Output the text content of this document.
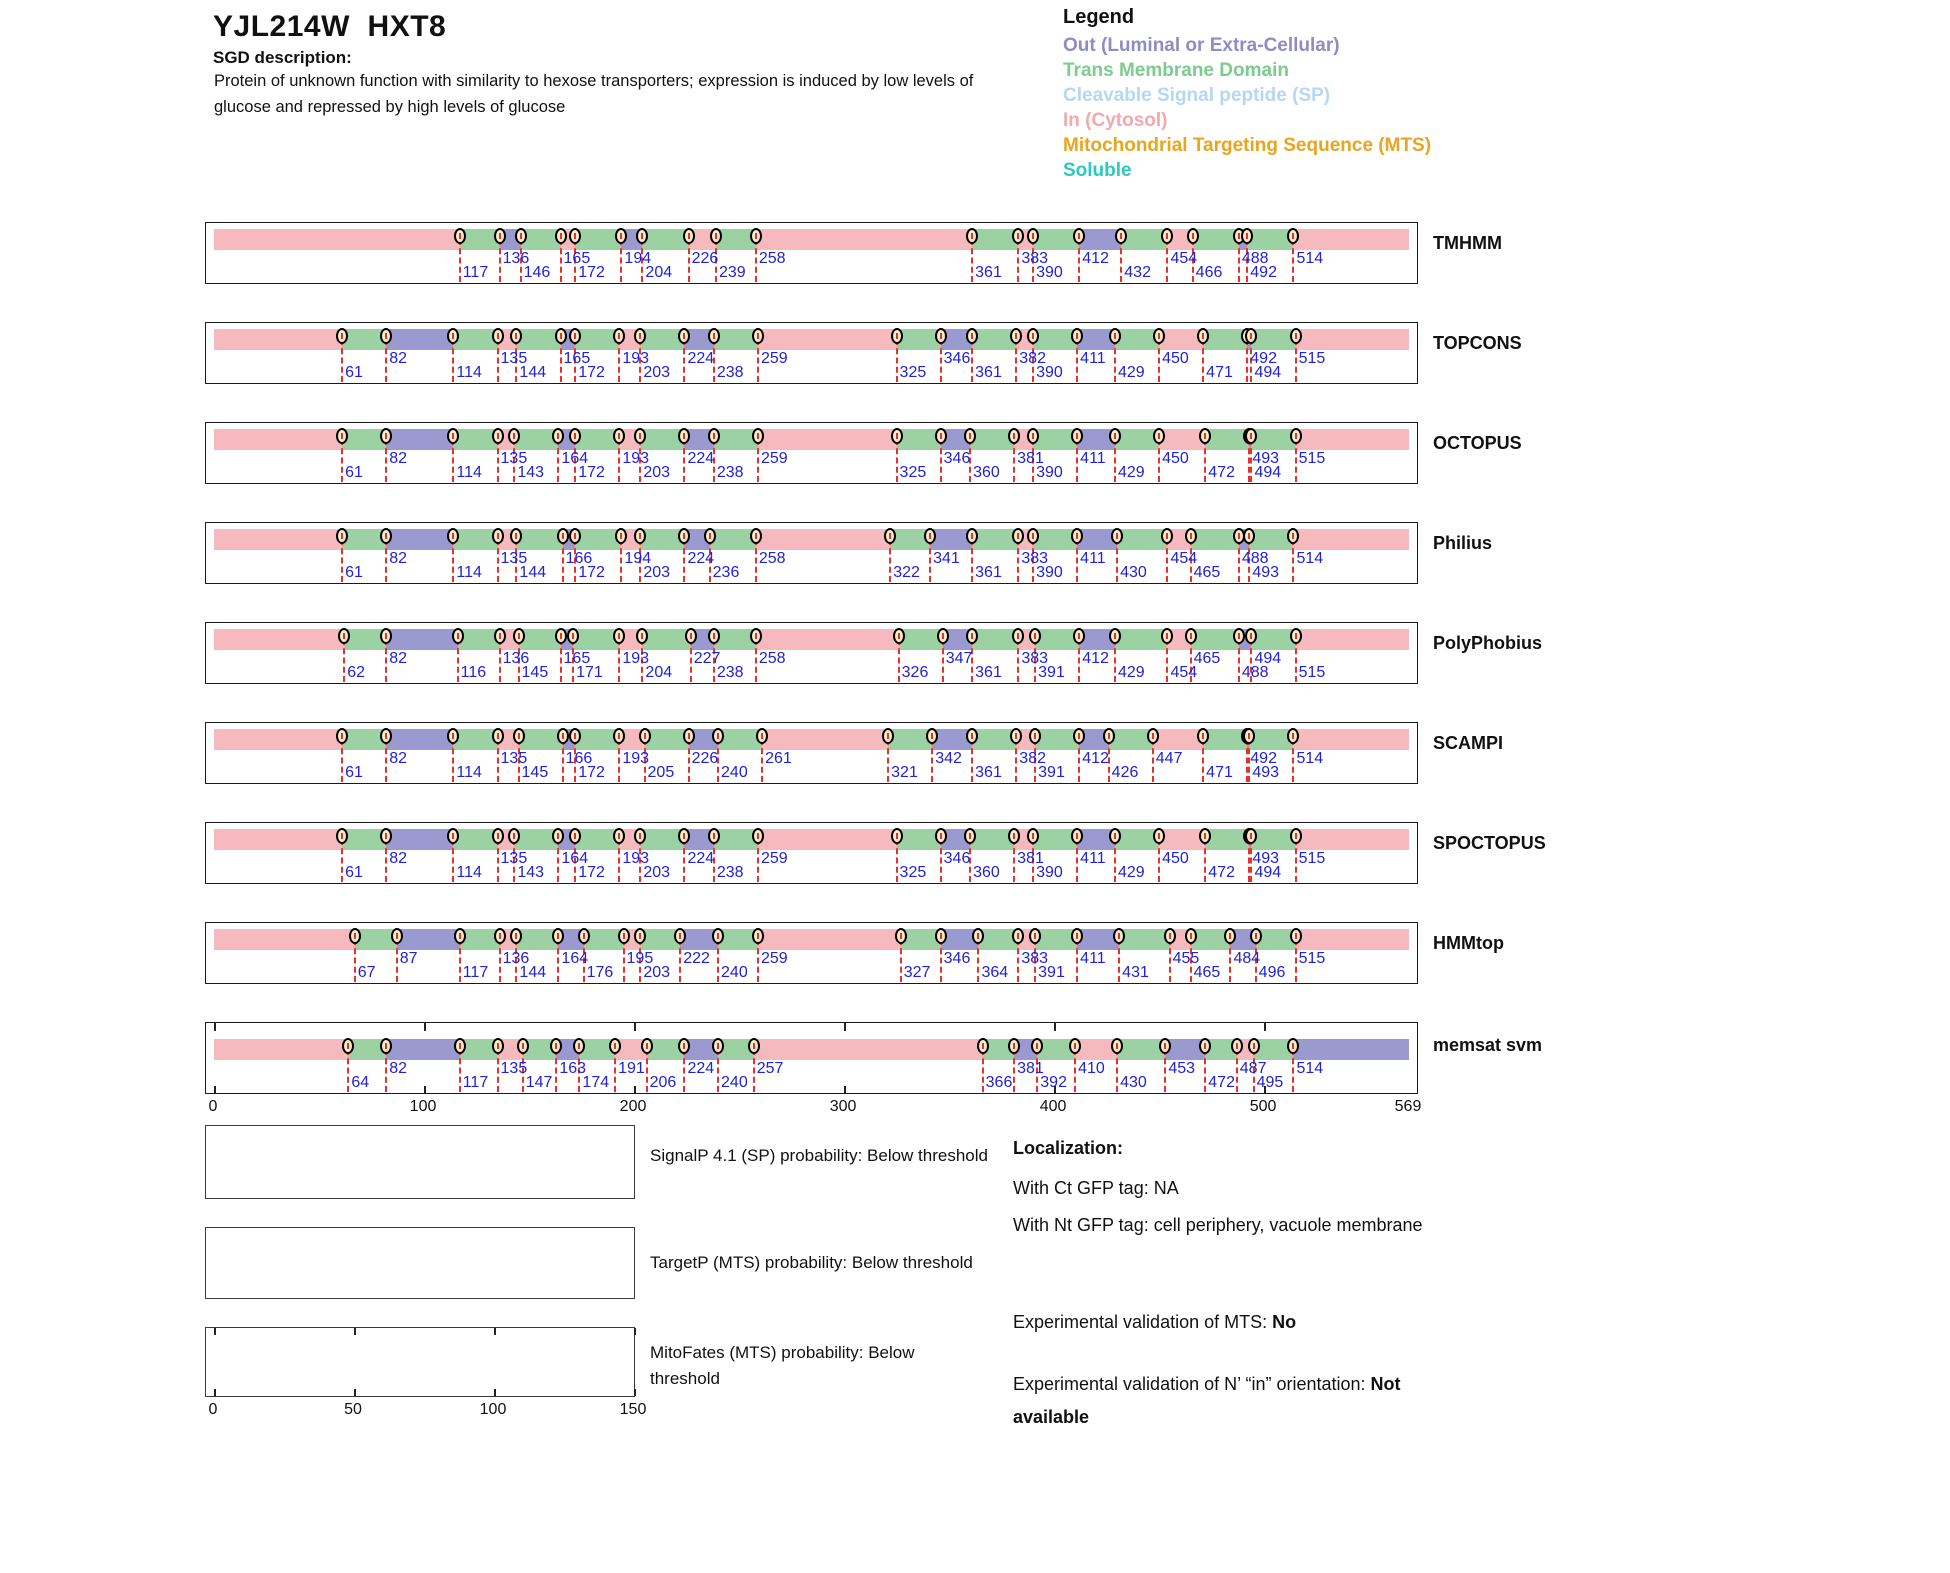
YJL214W  HXT8
SGD description:
Protein of unknown function with similarity to hexose transporters; expression is induced by low levels of glucose and repressed by high levels of glucose
Legend
Out (Luminal or Extra-Cellular)
Trans Membrane Domain
Cleavable Signal peptide (SP)
In (Cytosol)
Mitochondrial Targeting Sequence (MTS)
Soluble
117
136
146
165
172
194
204
226
239
258
361
383
390
412
432
454
466
488
492
514
TMHMM
61
82
114
135
144
165
172
193
203
224
238
259
325
346
361
382
390
411
429
450
471
492
494
515
TOPCONS
61
82
114
135
143
164
172
193
203
224
238
259
325
346
360
381
390
411
429
450
472
493
494
515
OCTOPUS
61
82
114
135
144
166
172
194
203
224
236
258
322
341
361
383
390
411
430
454
465
488
493
514
Philius
62
82
116
136
145
165
171
193
204
227
238
258
326
347
361
383
391
412
429 454
465
488
494
515
PolyPhobius
61
82
114
135
145
166
172
193
205
226
240
261
321
342
361
382
391
412
426
447
471
492
493
514
SCAMPI
61
82
114
135
143
164
172
193
203
224
238
259
325
346
360
381
390
411
429
450
472
493
494
515
SPOCTOPUS
67
87
117
136
144
164
176
195
203
222
240
259
327
346
364
383
391
411
431
455
465
484
496
515
HMMtop
64
82
117
135
147
163
174
191
206
224
240
257
366
381
392
410
430
453
472
487
495
514
memsat svm
0	100	200	300	400	500	569
0	50	100	150
SignalP 4.1 (SP) probability: Below threshold
TargetP (MTS) probability: Below threshold
MitoFates (MTS) probability: Below threshold
Localization:
With Ct GFP tag: NA
With Nt GFP tag: cell periphery, vacuole membrane
Experimental validation of MTS: No
Experimental validation of N’ “in” orientation: Not available
